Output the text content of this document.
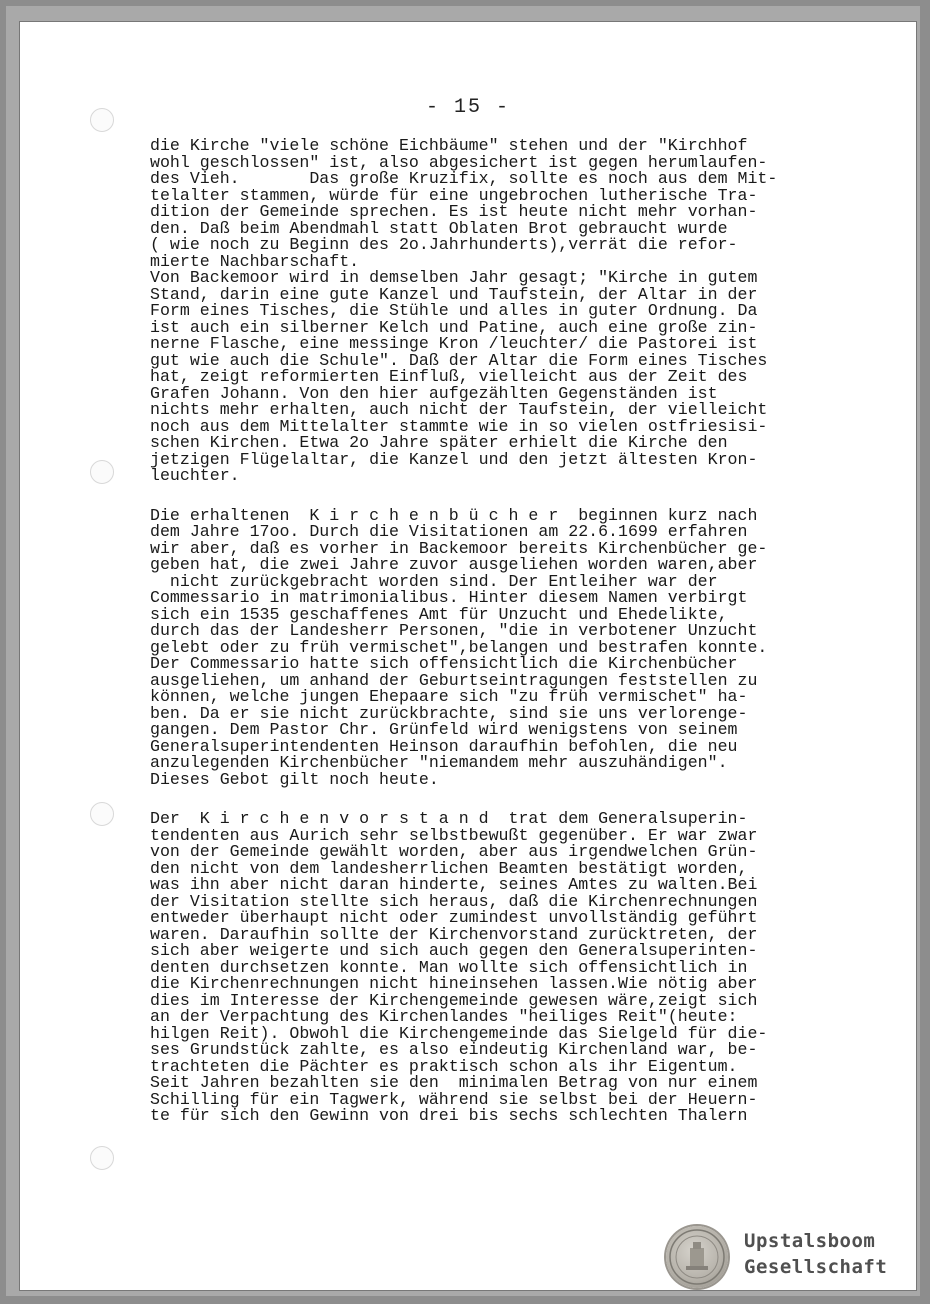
- 15 -
die Kirche "viele schöne Eichbäume" stehen und der "Kirchhof
wohl geschlossen" ist, also abgesichert ist gegen herumlaufen-
des Vieh.       Das große Kruzifix, sollte es noch aus dem Mit-
telalter stammen, würde für eine ungebrochen lutherische Tra-
dition der Gemeinde sprechen. Es ist heute nicht mehr vorhan-
den. Daß beim Abendmahl statt Oblaten Brot gebraucht wurde
( wie noch zu Beginn des 2o.Jahrhunderts),verrät die refor-
mierte Nachbarschaft.
Von Backemoor wird in demselben Jahr gesagt; "Kirche in gutem
Stand, darin eine gute Kanzel und Taufstein, der Altar in der
Form eines Tisches, die Stühle und alles in guter Ordnung. Da
ist auch ein silberner Kelch und Patine, auch eine große zin-
nerne Flasche, eine messinge Kron /leuchter/ die Pastorei ist
gut wie auch die Schule". Daß der Altar die Form eines Tisches
hat, zeigt reformierten Einfluß, vielleicht aus der Zeit des
Grafen Johann. Von den hier aufgezählten Gegenständen ist
nichts mehr erhalten, auch nicht der Taufstein, der vielleicht
noch aus dem Mittelalter stammte wie in so vielen ostfriesisi-
schen Kirchen. Etwa 2o Jahre später erhielt die Kirche den
jetzigen Flügelaltar, die Kanzel und den jetzt ältesten Kron-
leuchter.
Die erhaltenen  K i r c h e n b ü c h e r  beginnen kurz nach
dem Jahre 17oo. Durch die Visitationen am 22.6.1699 erfahren
wir aber, daß es vorher in Backemoor bereits Kirchenbücher ge-
geben hat, die zwei Jahre zuvor ausgeliehen worden waren,aber
nicht zurückgebracht worden sind. Der Entleiher war der
Commessario in matrimonialibus. Hinter diesem Namen verbirgt
sich ein 1535 geschaffenes Amt für Unzucht und Ehedelikte,
durch das der Landesherr Personen, "die in verbotener Unzucht
gelebt oder zu früh vermischet",belangen und bestrafen konnte.
Der Commessario hatte sich offensichtlich die Kirchenbücher
ausgeliehen, um anhand der Geburtseintragungen feststellen zu
können, welche jungen Ehepaare sich "zu früh vermischet" ha-
ben. Da er sie nicht zurückbrachte, sind sie uns verlorenge-
gangen. Dem Pastor Chr. Grünfeld wird wenigstens von seinem
Generalsuperintendenten Heinson daraufhin befohlen, die neu
anzulegenden Kirchenbücher "niemandem mehr auszuhändigen".
Dieses Gebot gilt noch heute.
Der  K i r c h e n v o r s t a n d  trat dem Generalsuperin-
tendenten aus Aurich sehr selbstbewußt gegenüber. Er war zwar
von der Gemeinde gewählt worden, aber aus irgendwelchen Grün-
den nicht von dem landesherrlichen Beamten bestätigt worden,
was ihn aber nicht daran hinderte, seines Amtes zu walten.Bei
der Visitation stellte sich heraus, daß die Kirchenrechnungen
entweder überhaupt nicht oder zumindest unvollständig geführt
waren. Daraufhin sollte der Kirchenvorstand zurücktreten, der
sich aber weigerte und sich auch gegen den Generalsuperinten-
denten durchsetzen konnte. Man wollte sich offensichtlich in
die Kirchenrechnungen nicht hineinsehen lassen.Wie nötig aber
dies im Interesse der Kirchengemeinde gewesen wäre,zeigt sich
an der Verpachtung des Kirchenlandes "heiliges Reit"(heute:
hilgen Reit). Obwohl die Kirchengemeinde das Sielgeld für die-
ses Grundstück zahlte, es also eindeutig Kirchenland war, be-
trachteten die Pächter es praktisch schon als ihr Eigentum.
Seit Jahren bezahlten sie den  minimalen Betrag von nur einem
Schilling für ein Tagwerk, während sie selbst bei der Heuern-
te für sich den Gewinn von drei bis sechs schlechten Thalern
Upstalsboom
Gesellschaft
